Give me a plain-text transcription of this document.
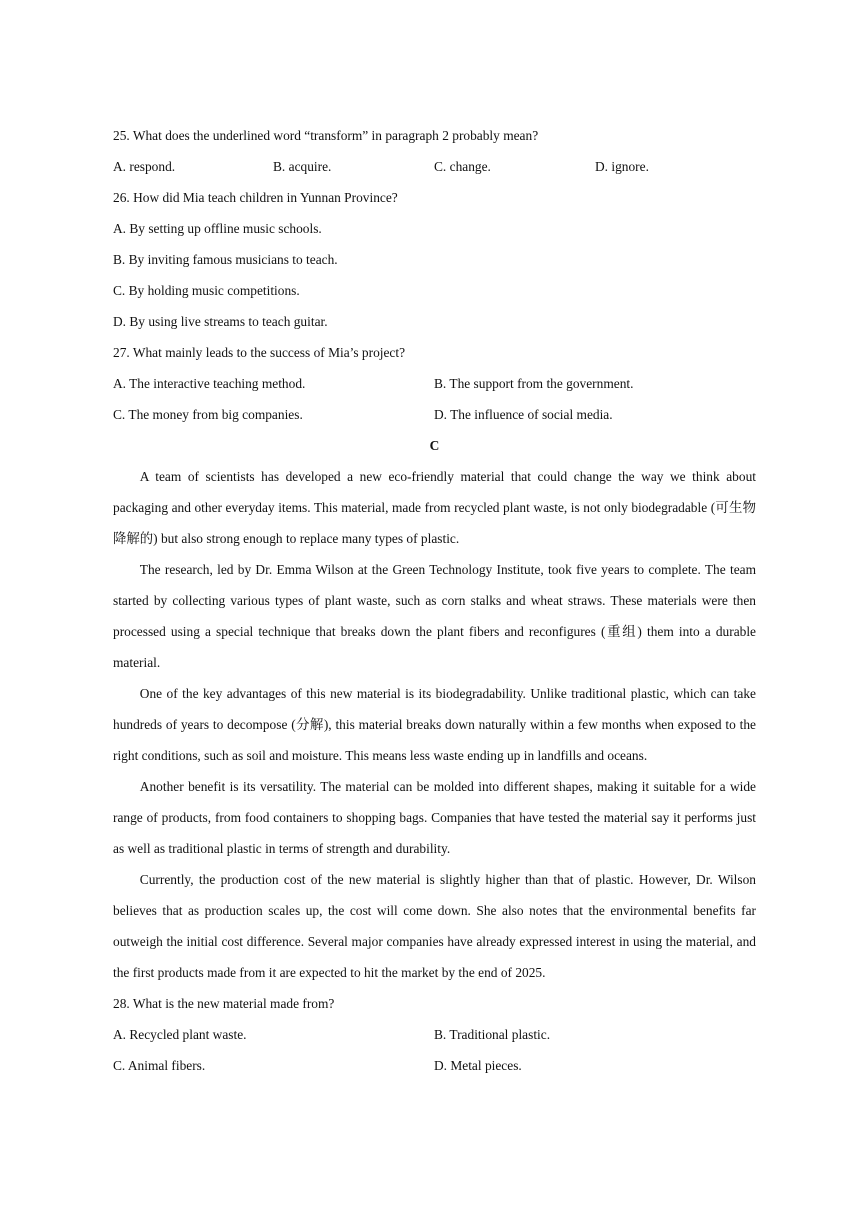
25. What does the underlined word “transform” in paragraph 2 probably mean?
A. respond.	B. acquire.	C. change.	D. ignore.
26. How did Mia teach children in Yunnan Province?
A. By setting up offline music schools.
B. By inviting famous musicians to teach.
C. By holding music competitions.
D. By using live streams to teach guitar.
27. What mainly leads to the success of Mia’s project?
A. The interactive teaching method.	B. The support from the government.
C. The money from big companies.	D. The influence of social media.
C

A team of scientists has developed a new eco-friendly material that could change the way we think about packaging and other everyday items. This material, made from recycled plant waste, is not only biodegradable (可生物降解的) but also strong enough to replace many types of plastic.

The research, led by Dr. Emma Wilson at the Green Technology Institute, took five years to complete. The team started by collecting various types of plant waste, such as corn stalks and wheat straws. These materials were then processed using a special technique that breaks down the plant fibers and reconfigures (重组) them into a durable material.

One of the key advantages of this new material is its biodegradability. Unlike traditional plastic, which can take hundreds of years to decompose (分解), this material breaks down naturally within a few months when exposed to the right conditions, such as soil and moisture. This means less waste ending up in landfills and oceans.

Another benefit is its versatility. The material can be molded into different shapes, making it suitable for a wide range of products, from food containers to shopping bags. Companies that have tested the material say it performs just as well as traditional plastic in terms of strength and durability.

Currently, the production cost of the new material is slightly higher than that of plastic. However, Dr. Wilson believes that as production scales up, the cost will come down. She also notes that the environmental benefits far outweigh the initial cost difference. Several major companies have already expressed interest in using the material, and the first products made from it are expected to hit the market by the end of 2025.

28. What is the new material made from?
A. Recycled plant waste.	B. Traditional plastic.
C. Animal fibers.	D. Metal pieces.
